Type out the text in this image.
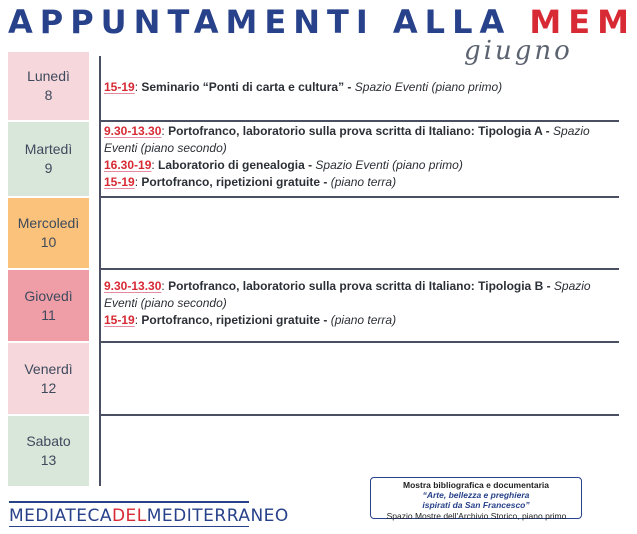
APPUNTAMENTI ALLA MEM
giugno
Lunedì
8
Martedì
9
Mercoledì
10
Giovedì
11
Venerdì
12
Sabato
13
15-19: Seminario “Ponti di carta e cultura” - Spazio Eventi (piano primo)
9.30-13.30: Portofranco, laboratorio sulla prova scritta di Italiano: Tipologia A - Spazio Eventi (piano secondo)
16.30-19: Laboratorio di genealogia - Spazio Eventi (piano primo)
15-19: Portofranco, ripetizioni gratuite - (piano terra)
9.30-13.30: Portofranco, laboratorio sulla prova scritta di Italiano: Tipologia B - Spazio Eventi (piano secondo)
15-19: Portofranco, ripetizioni gratuite - (piano terra)
MEDIATECADELMEDITERRANEO
Mostra bibliografica e documentaria
“Arte, bellezza e preghiera
ispirati da San Francesco”
Spazio Mostre dell'Archivio Storico, piano primo
